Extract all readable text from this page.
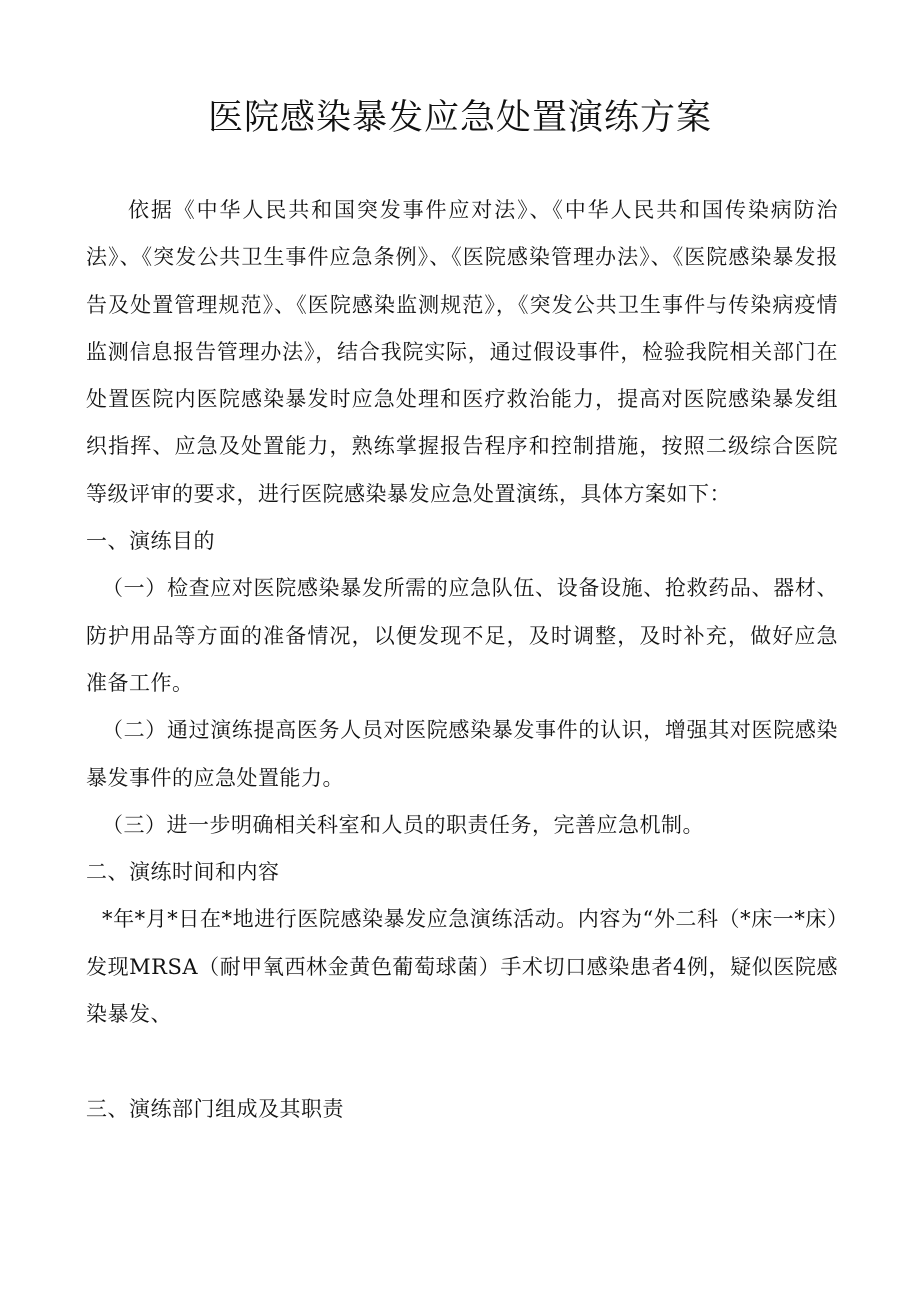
医院感染暴发应急处置演练方案

依据《中华人民共和国突发事件应对法》、《中华人民共和国传染病防治法》、《突发公共卫生事件应急条例》、《医院感染管理办法》、《医院感染暴发报告及处置管理规范》、《医院感染监测规范》，《突发公共卫生事件与传染病疫情监测信息报告管理办法》，结合我院实际，通过假设事件，检验我院相关部门在处置医院内医院感染暴发时应急处理和医疗救治能力，提高对医院感染暴发组织指挥、应急及处置能力，熟练掌握报告程序和控制措施，按照二级综合医院等级评审的要求，进行医院感染暴发应急处置演练，具体方案如下：

一、演练目的

（一）检查应对医院感染暴发所需的应急队伍、设备设施、抢救药品、器材、防护用品等方面的准备情况，以便发现不足，及时调整，及时补充，做好应急准备工作。

（二）通过演练提高医务人员对医院感染暴发事件的认识，增强其对医院感染暴发事件的应急处置能力。

（三）进一步明确相关科室和人员的职责任务，完善应急机制。

二、演练时间和内容

*年*月*日在*地进行医院感染暴发应急演练活动。内容为“外二科（*床一*床）发现MRSA（耐甲氧西林金黄色葡萄球菌）手术切口感染患者4例，疑似医院感染暴发、

三、演练部门组成及其职责
